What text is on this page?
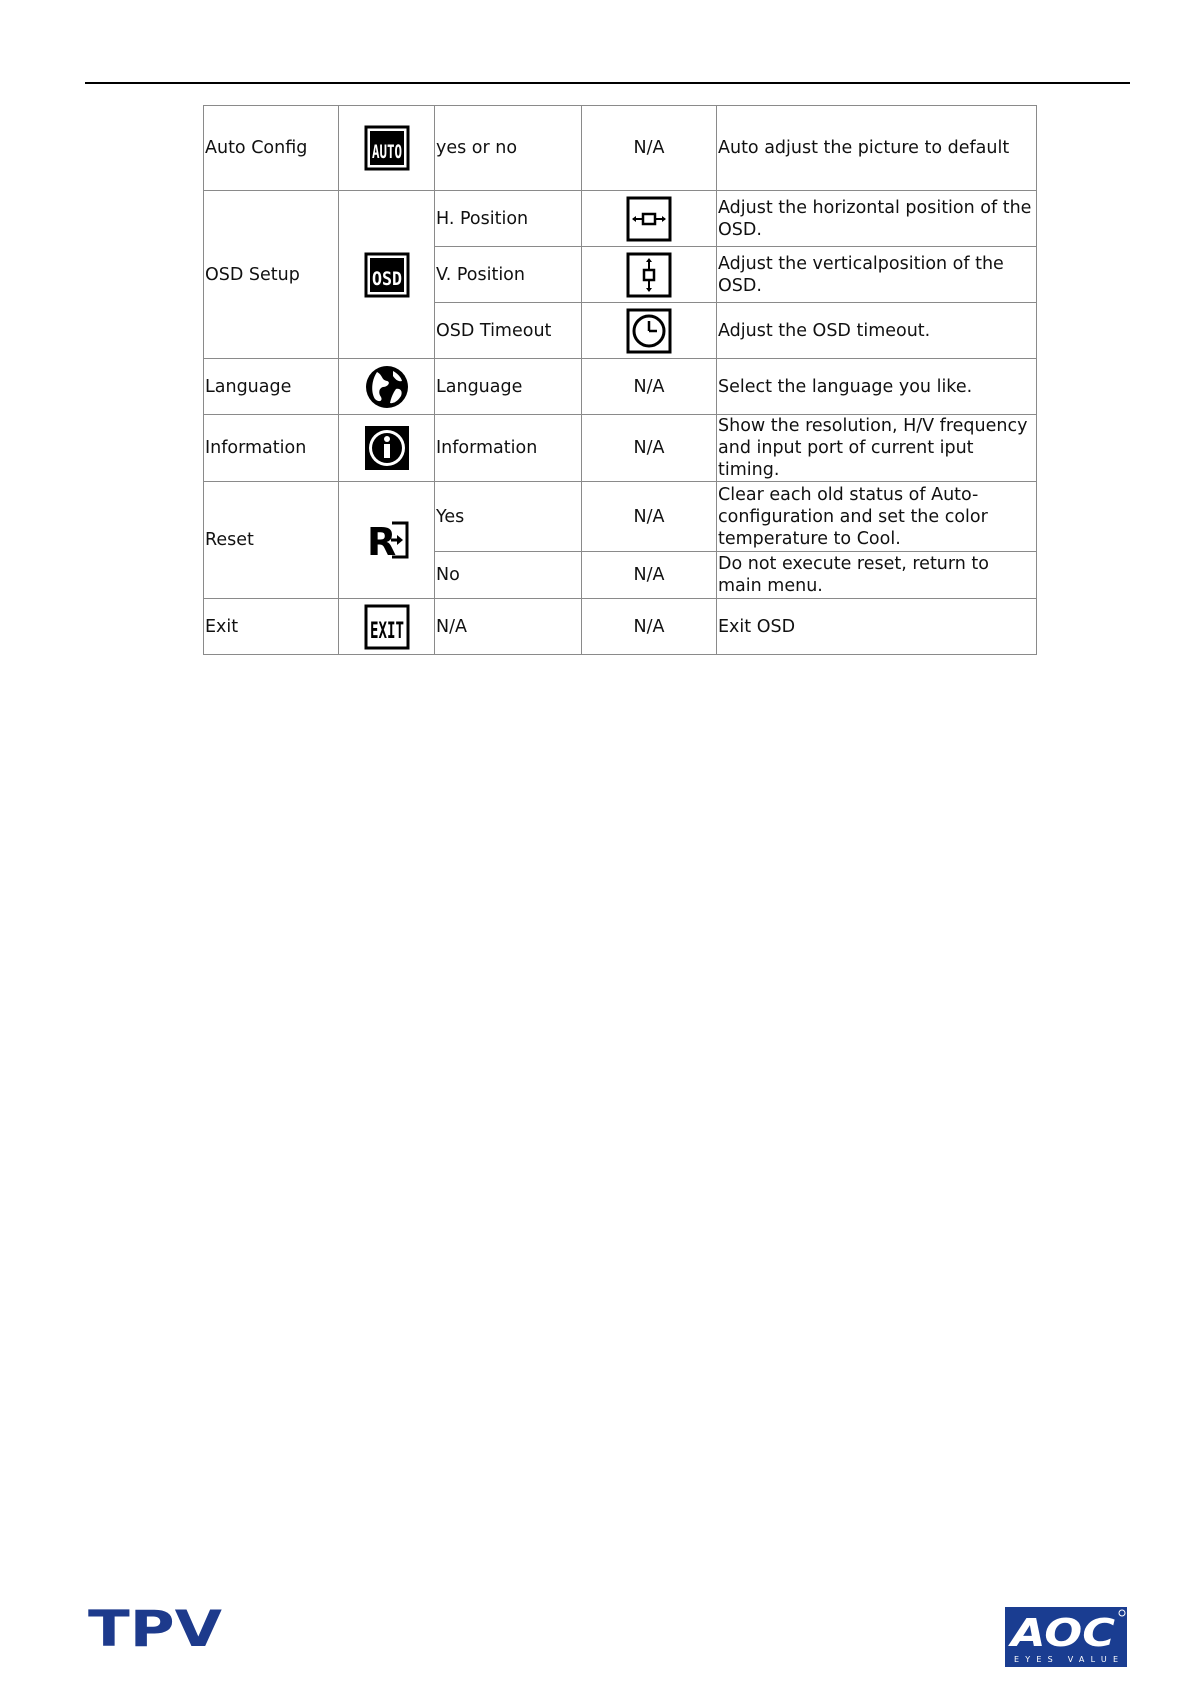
Auto Config	AUTO	yes or no	N/A	Auto adjust the picture to default
OSD Setup	OSD	H. Position		Adjust the horizontal position of the OSD.
		V. Position		Adjust the verticalposition of the OSD.
		OSD Timeout		Adjust the OSD timeout.
Language		Language	N/A	Select the language you like.
Information		Information	N/A	Show the resolution, H/V frequency and input port of current iput timing.
Reset	R	Yes	N/A	Clear each old status of Auto-configuration and set the color temperature to Cool.
		No	N/A	Do not execute reset, return to main menu.
Exit	EXIT	N/A	N/A	Exit OSD
TPV	AOC
EYES VALUE
